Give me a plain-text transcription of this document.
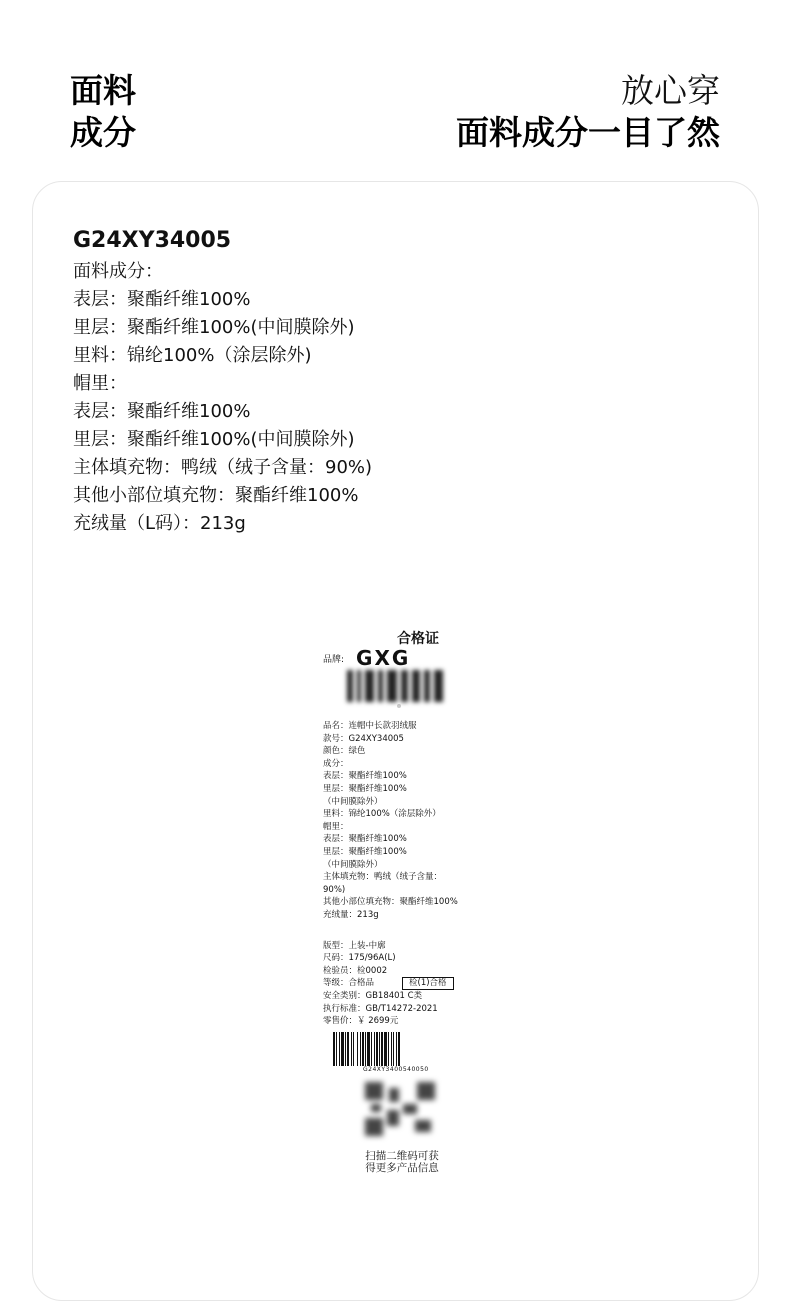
面料
成分
放心穿
面料成分一目了然
G24XY34005
面料成分：
表层：聚酯纤维100%
里层：聚酯纤维100%(中间膜除外)
里料：锦纶100%（涂层除外)
帽里：
表层：聚酯纤维100%
里层：聚酯纤维100%(中间膜除外)
主体填充物：鸭绒（绒子含量：90%)
其他小部位填充物：聚酯纤维100%
充绒量（L码）：213g
合格证
品牌: GXG
品名：连帽中长款羽绒服
款号：G24XY34005
颜色：绿色
成分：
表层：聚酯纤维100%
里层：聚酯纤维100%
（中间膜除外）
里料：锦纶100%（涂层除外）
帽里：
表层：聚酯纤维100%
里层：聚酯纤维100%
（中间膜除外）
主体填充物：鸭绒（绒子含量：
90%)
其他小部位填充物：聚酯纤维100%
充绒量：213g
版型：上装-中廓
尺码：175/96A(L)
检验员：检0002
等级：合格品	检(1)合格
安全类别：GB18401 C类
执行标准：GB/T14272-2021
零售价：￥ 2699元
G24XY3400540050
扫描二维码可获
得更多产品信息
